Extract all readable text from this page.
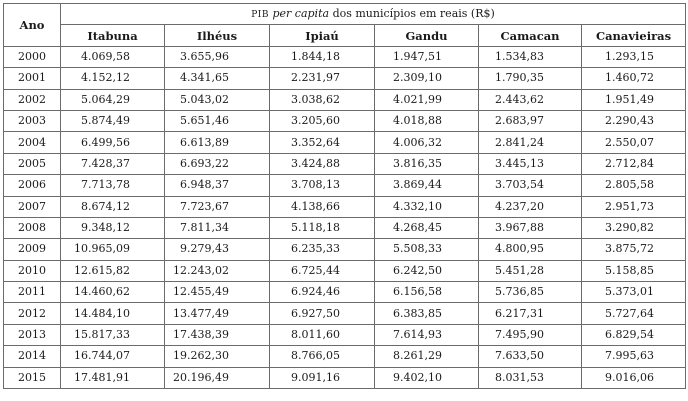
Ano	PIB per capita dos municípios em reais (R$)					
	Itabuna	Ilhéus	Ipiaú	Gandu	Camacan	Canavieiras
2000	4.069,58	3.655,96	1.844,18	1.947,51	1.534,83	1.293,15
2001	4.152,12	4.341,65	2.231,97	2.309,10	1.790,35	1.460,72
2002	5.064,29	5.043,02	3.038,62	4.021,99	2.443,62	1.951,49
2003	5.874,49	5.651,46	3.205,60	4.018,88	2.683,97	2.290,43
2004	6.499,56	6.613,89	3.352,64	4.006,32	2.841,24	2.550,07
2005	7.428,37	6.693,22	3.424,88	3.816,35	3.445,13	2.712,84
2006	7.713,78	6.948,37	3.708,13	3.869,44	3.703,54	2.805,58
2007	8.674,12	7.723,67	4.138,66	4.332,10	4.237,20	2.951,73
2008	9.348,12	7.811,34	5.118,18	4.268,45	3.967,88	3.290,82
2009	10.965,09	9.279,43	6.235,33	5.508,33	4.800,95	3.875,72
2010	12.615,82	12.243,02	6.725,44	6.242,50	5.451,28	5.158,85
2011	14.460,62	12.455,49	6.924,46	6.156,58	5.736,85	5.373,01
2012	14.484,10	13.477,49	6.927,50	6.383,85	6.217,31	5.727,64
2013	15.817,33	17.438,39	8.011,60	7.614,93	7.495,90	6.829,54
2014	16.744,07	19.262,30	8.766,05	8.261,29	7.633,50	7.995,63
2015	17.481,91	20.196,49	9.091,16	9.402,10	8.031,53	9.016,06
